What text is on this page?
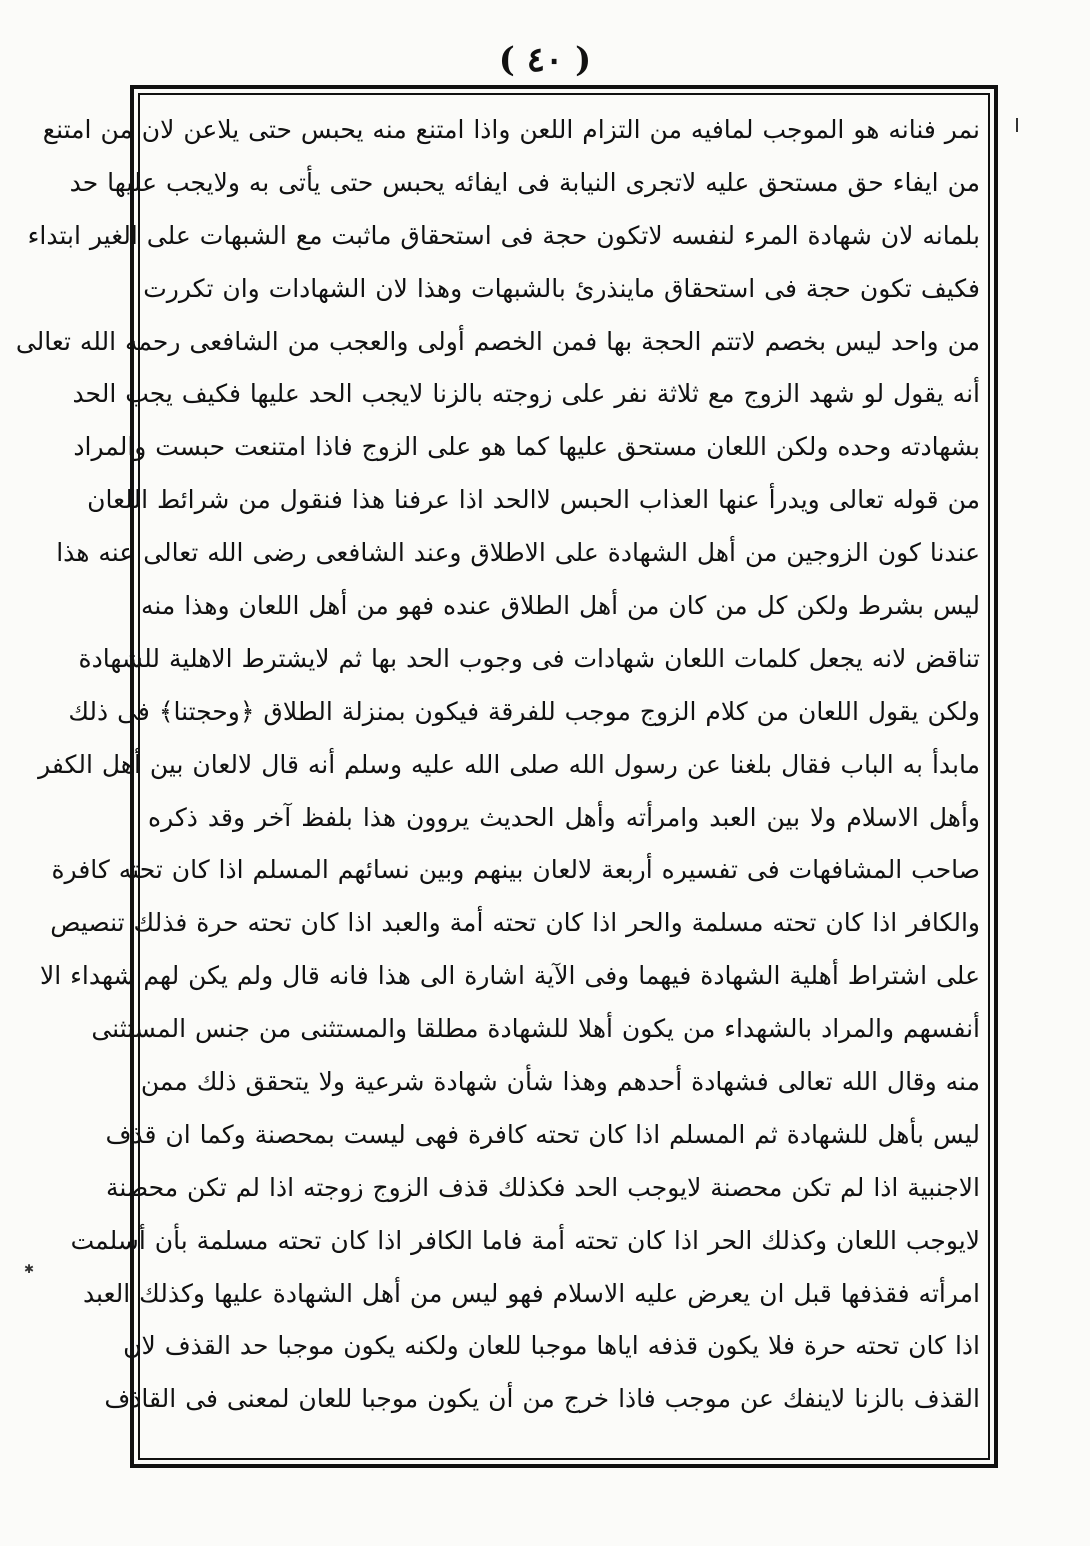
( ٤٠ )
✱
نمر فنانه هو الموجب لمافيه من التزام اللعن واذا امتنع منه يحبس حتى يلاعن لان من امتنع
من ايفاء حق مستحق عليه لاتجرى النيابة فى ايفائه يحبس حتى يأتى به ولايجب عليها حد
بلمانه لان شهادة المرء لنفسه لاتكون حجة فى استحقاق ماثبت مع الشبهات على الغير ابتداء
فكيف تكون حجة فى استحقاق ماينذرئ بالشبهات وهذا لان الشهادات وان تكررت
من واحد ليس بخصم لاتتم الحجة بها فمن الخصم أولى والعجب من الشافعى رحمه الله تعالى
أنه يقول لو شهد الزوج مع ثلاثة نفر على زوجته بالزنا لايجب الحد عليها فكيف يجب الحد
بشهادته وحده ولكن اللعان مستحق عليها كما هو على الزوج فاذا امتنعت حبست والمراد
من قوله تعالى ويدرأ عنها العذاب الحبس لاالحد اذا عرفنا هذا فنقول من شرائط اللعان
عندنا كون الزوجين من أهل الشهادة على الاطلاق وعند الشافعى رضى الله تعالى عنه هذا
ليس بشرط ولكن كل من كان من أهل الطلاق عنده فهو من أهل اللعان وهذا منه
تناقض لانه يجعل كلمات اللعان شهادات فى وجوب الحد بها ثم لايشترط الاهلية للشهادة
ولكن يقول اللعان من كلام الزوج موجب للفرقة فيكون بمنزلة الطلاق ﴿وحجتنا﴾ فى ذلك
مابدأ به الباب فقال بلغنا عن رسول الله صلى الله عليه وسلم أنه قال لالعان بين أهل الكفر
وأهل الاسلام ولا بين العبد وامرأته وأهل الحديث يروون هذا بلفظ آخر وقد ذكره
صاحب المشافهات فى تفسيره أربعة لالعان بينهم وبين نسائهم المسلم اذا كان تحته كافرة
والكافر اذا كان تحته مسلمة والحر اذا كان تحته أمة والعبد اذا كان تحته حرة فذلك تنصيص
على اشتراط أهلية الشهادة فيهما وفى الآية اشارة الى هذا فانه قال ولم يكن لهم شهداء الا
أنفسهم والمراد بالشهداء من يكون أهلا للشهادة مطلقا والمستثنى من جنس المستثنى
منه وقال الله تعالى فشهادة أحدهم وهذا شأن شهادة شرعية ولا يتحقق ذلك ممن
ليس بأهل للشهادة ثم المسلم اذا كان تحته كافرة فهى ليست بمحصنة وكما ان قذف
الاجنبية اذا لم تكن محصنة لايوجب الحد فكذلك قذف الزوج زوجته اذا لم تكن محصنة
لايوجب اللعان وكذلك الحر اذا كان تحته أمة فاما الكافر اذا كان تحته مسلمة بأن أسلمت
امرأته فقذفها قبل ان يعرض عليه الاسلام فهو ليس من أهل الشهادة عليها وكذلك العبد
اذا كان تحته حرة فلا يكون قذفه اياها موجبا للعان ولكنه يكون موجبا حد القذف لان
القذف بالزنا لاينفك عن موجب فاذا خرج من أن يكون موجبا للعان لمعنى فى القاذف
